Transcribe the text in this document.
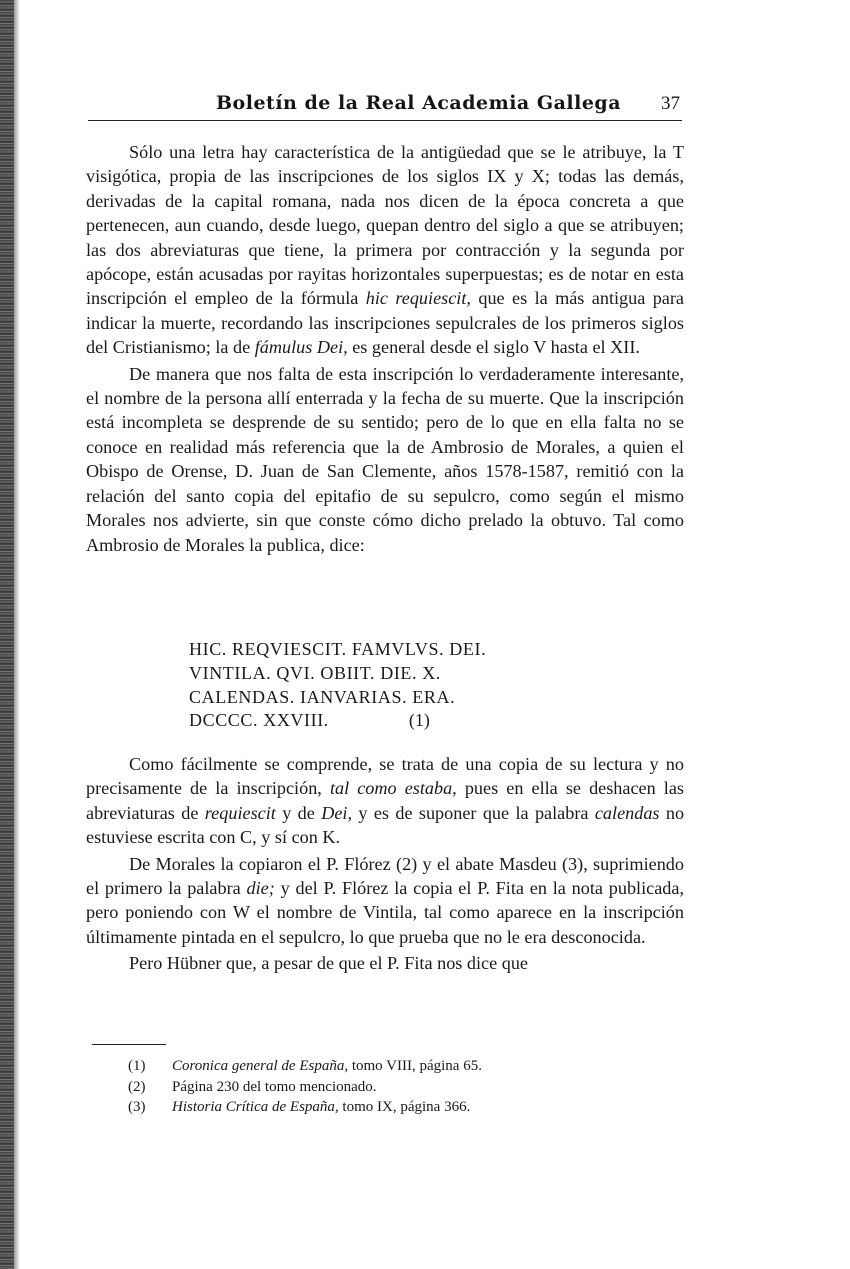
Boletín de la Real Academia Gallega 37

Sólo una letra hay característica de la antigüedad que se le atribuye, la T visigótica, propia de las inscripciones de los siglos IX y X; todas las demás, derivadas de la capital romana, nada nos dicen de la época concreta a que pertenecen, aun cuando, desde luego, quepan dentro del siglo a que se atribuyen; las dos abreviaturas que tiene, la primera por contracción y la segunda por apócope, están acusadas por rayitas horizontales superpuestas; es de notar en esta inscripción el empleo de la fórmula hic requiescit, que es la más antigua para indicar la muerte, recordando las inscripciones sepulcrales de los primeros siglos del Cristianismo; la de fámulus Dei, es general desde el siglo V hasta el XII.

De manera que nos falta de esta inscripción lo verdaderamente interesante, el nombre de la persona allí enterrada y la fecha de su muerte. Que la inscripción está incompleta se desprende de su sentido; pero de lo que en ella falta no se conoce en realidad más referencia que la de Ambrosio de Morales, a quien el Obispo de Orense, D. Juan de San Clemente, años 1578-1587, remitió con la relación del santo copia del epitafio de su sepulcro, como según el mismo Morales nos advierte, sin que conste cómo dicho prelado la obtuvo. Tal como Ambrosio de Morales la publica, dice:

HIC. REQVIESCIT. FAMVLVS. DEI.
VINTILA. QVI. OBIIT. DIE. X.
CALENDAS. IANVARIAS. ERA.
DCCCC. XXVIII.	(1)

Como fácilmente se comprende, se trata de una copia de su lectura y no precisamente de la inscripción, tal como estaba, pues en ella se deshacen las abreviaturas de requiescit y de Dei, y es de suponer que la palabra calendas no estuviese escrita con C, y sí con K.

De Morales la copiaron el P. Flórez (2) y el abate Masdeu (3), suprimiendo el primero la palabra die; y del P. Flórez la copia el P. Fita en la nota publicada, pero poniendo con W el nombre de Vintila, tal como aparece en la inscripción últimamente pintada en el sepulcro, lo que prueba que no le era desconocida.

Pero Hübner que, a pesar de que el P. Fita nos dice que

(1) Coronica general de España, tomo VIII, página 65.
(2) Página 230 del tomo mencionado.
(3) Historia Crítica de España, tomo IX, página 366.
